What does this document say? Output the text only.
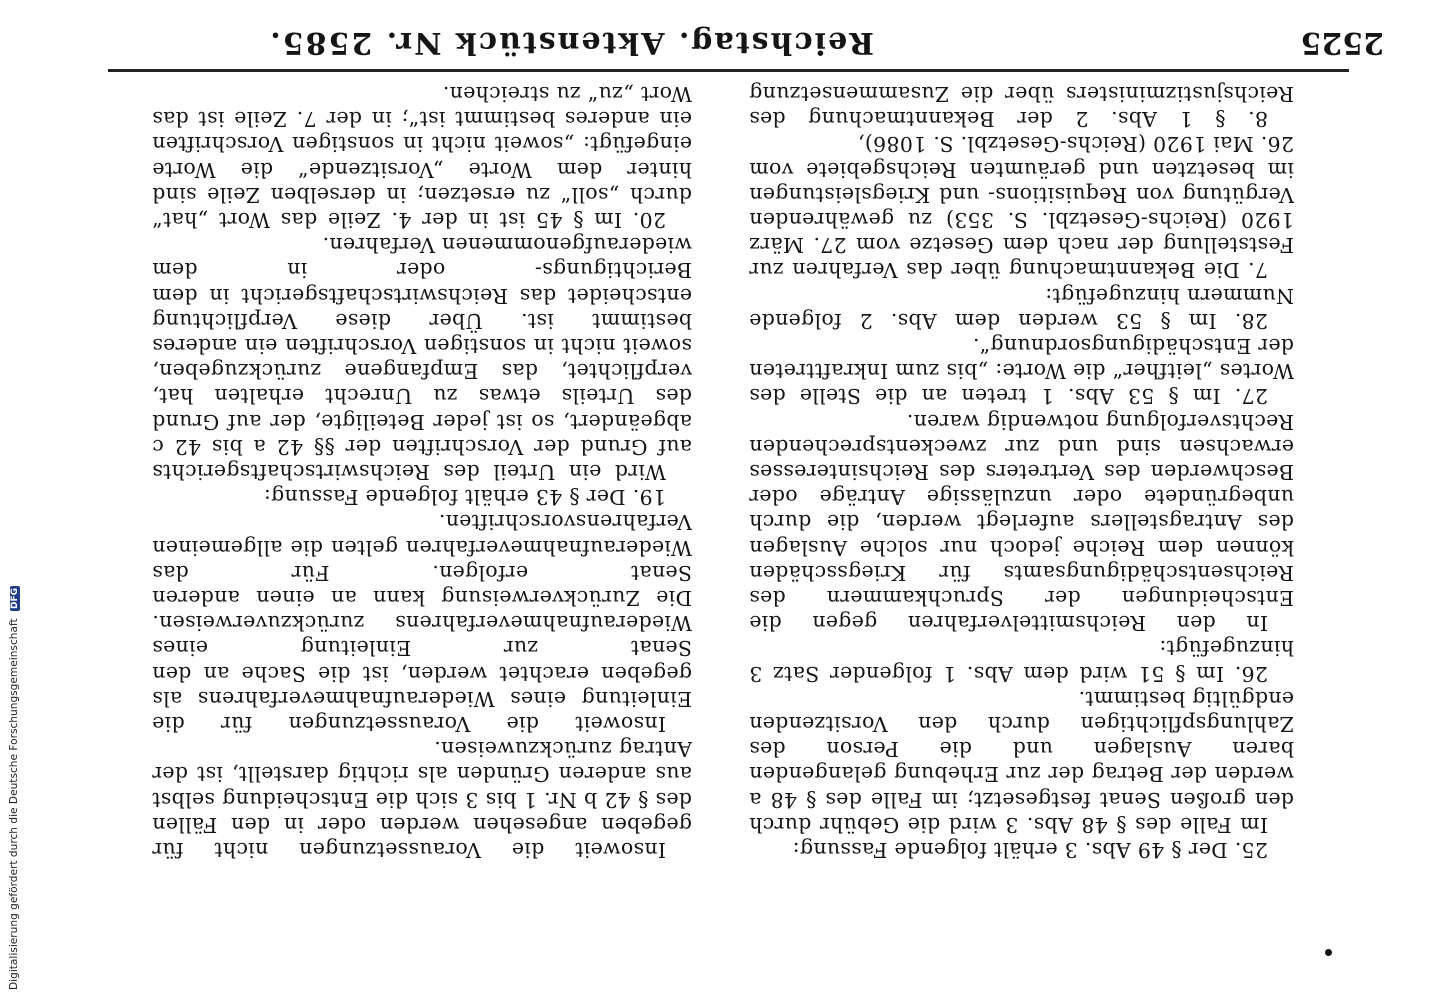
2525
Reichstag. Aktenstück Nr. 2585.

25. Der § 49 Abs. 3 erhält folgende Fassung:

Im Falle des § 48 Abs. 3 wird die Gebühr durch den großen Senat festgesetzt; im Falle des § 48 a werden der Betrag der zur Erhebung gelangenden baren Auslagen und die Person des Zahlungspflichtigen durch den Vorsitzenden endgültig bestimmt.

26. Im § 51 wird dem Abs. 1 folgender Satz 3 hinzugefügt:

In den Reichsmittelverfahren gegen die Entscheidungen der Spruchkammern des Reichsentschädigungsamts für Kriegsschäden können dem Reiche jedoch nur solche Auslagen des Antragstellers auferlegt werden, die durch unbegründete oder unzulässige Anträge oder Beschwerden des Vertreters des Reichsinteresses erwachsen sind und zur zweckentsprechenden Rechtsverfolgung notwendig waren.

27. Im § 53 Abs. 1 treten an die Stelle des Wortes „leitfher“ die Worte: „bis zum Inkrafttreten der Entschädigungsordnung“.

28. Im § 53 werden dem Abs. 2 folgende Nummern hinzugefügt:

7. Die Bekanntmachung über das Verfahren zur Feststellung der nach dem Gesetze vom 27. März 1920 (Reichs-Gesetzbl. S. 353) zu gewährenden Vergütung von Requisitions- und Kriegsleistungen im besetzten und geräumten Reichsgebiete vom 26. Mai 1920 (Reichs-Gesetzbl. S. 1086),

8. § 1 Abs. 2 der Bekanntmachung des Reichsjustizministers über die Zusammensetzung

Insoweit die Voraussetzungen nicht für gegeben angesehen werden oder in den Fällen des § 42 b Nr. 1 bis 3 sich die Entscheidung selbst aus anderen Gründen als richtig darstellt, ist der Antrag zurückzuweisen.

Insoweit die Voraussetzungen für die Einleitung eines Wiederaufnahmeverfahrens als gegeben erachtet werden, ist die Sache an den Senat zur Einleitung eines Wiederaufnahmeverfahrens zurückzuverweisen. Die Zurückverweisung kann an einen anderen Senat erfolgen. Für das Wiederaufnahmeverfahren gelten die allgemeinen Verfahrensvorschriften.

19. Der § 43 erhält folgende Fassung:

Wird ein Urteil des Reichswirtschaftsgerichts auf Grund der Vorschriften der §§ 42 a bis 42 c abgeändert, so ist jeder Beteiligte, der auf Grund des Urteils etwas zu Unrecht erhalten hat, verpflichtet, das Empfangene zurückzugeben, soweit nicht in sonstigen Vorschriften ein anderes bestimmt ist. Über diese Verpflichtung entscheidet das Reichswirtschaftsgericht in dem Berichtigungs- oder in dem wiederaufgenommenen Verfahren.

20. Im § 45 ist in der 4. Zeile das Wort „hat“ durch „soll“ zu ersetzen; in derselben Zeile sind hinter dem Worte „Vorsitzende“ die Worte eingefügt: „soweit nicht in sonstigen Vorschriften ein anderes bestimmt ist“; in der 7. Zeile ist das Wort „zu“ zu streichen.

Digitalisierung gefördert durch die Deutsche Forschungsgemeinschaft DFG
